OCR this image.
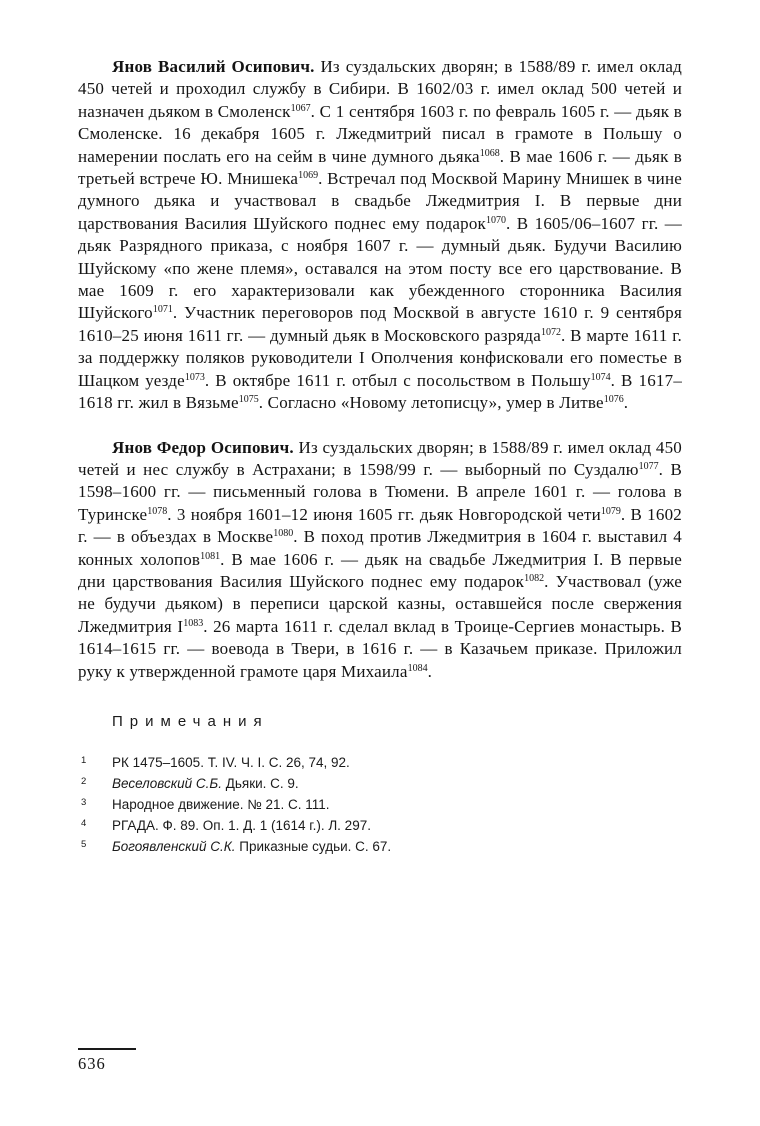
Янов Василий Осипович. Из суздальских дворян; в 1588/89 г. имел оклад 450 четей и проходил службу в Сибири. В 1602/03 г. имел оклад 500 четей и назначен дьяком в Смоленск$^{1067}$. С 1 сентября 1603 г. по февраль 1605 г. — дьяк в Смоленске. 16 декабря 1605 г. Лжедмитрий писал в грамоте в Польшу о намерении послать его на сейм в чине думного дьяка$^{1068}$. В мае 1606 г. — дьяк в третьей встрече Ю. Мнишека$^{1069}$. Встречал под Москвой Марину Мнишек в чине думного дьяка и участвовал в свадьбе Лжедмитрия I. В первые дни царствования Василия Шуйского поднес ему подарок$^{1070}$. В 1605/06–1607 гг. — дьяк Разрядного приказа, с ноября 1607 г. — думный дьяк. Будучи Василию Шуйскому «по жене племя», оставался на этом посту все его царствование. В мае 1609 г. его характеризовали как убежденного сторонника Василия Шуйского$^{1071}$. Участник переговоров под Москвой в августе 1610 г. 9 сентября 1610–25 июня 1611 гг. — думный дьяк в Московского разряда$^{1072}$. В марте 1611 г. за поддержку поляков руководители I Ополчения конфисковали его поместье в Шацком уезде$^{1073}$. В октябре 1611 г. отбыл с посольством в Польшу$^{1074}$. В 1617–1618 гг. жил в Вязьме$^{1075}$. Согласно «Новому летописцу», умер в Литве$^{1076}$.

Янов Федор Осипович. Из суздальских дворян; в 1588/89 г. имел оклад 450 четей и нес службу в Астрахани; в 1598/99 г. — выборный по Суздалю$^{1077}$. В 1598–1600 гг. — письменный голова в Тюмени. В апреле 1601 г. — голова в Туринске$^{1078}$. 3 ноября 1601–12 июня 1605 гг. дьяк Новгородской чети$^{1079}$. В 1602 г. — в объездах в Москве$^{1080}$. В поход против Лжедмитрия в 1604 г. выставил 4 конных холопов$^{1081}$. В мае 1606 г. — дьяк на свадьбе Лжедмитрия I. В первые дни царствования Василия Шуйского поднес ему подарок$^{1082}$. Участвовал (уже не будучи дьяком) в переписи царской казны, оставшейся после свержения Лжедмитрия $I^{1083}$. 26 марта 1611 г. сделал вклад в Троице-Сергиев монастырь. В 1614–1615 гг. — воевода в Твери, в 1616 г. — в Казачьем приказе. Приложил руку к утвержденной грамоте царя Михаила$^{1084}$.

Примечания
1 РК 1475–1605. Т. IV. Ч. I. С. 26, 74, 92.
2 Веселовский С.Б. Дьяки. С. 9.
3 Народное движение. № 21. С. 111.
4 РГАДА. Ф. 89. Оп. 1. Д. 1 (1614 г.). Л. 297.
5 Богоявленский С.К. Приказные судьи. С. 67.
636
